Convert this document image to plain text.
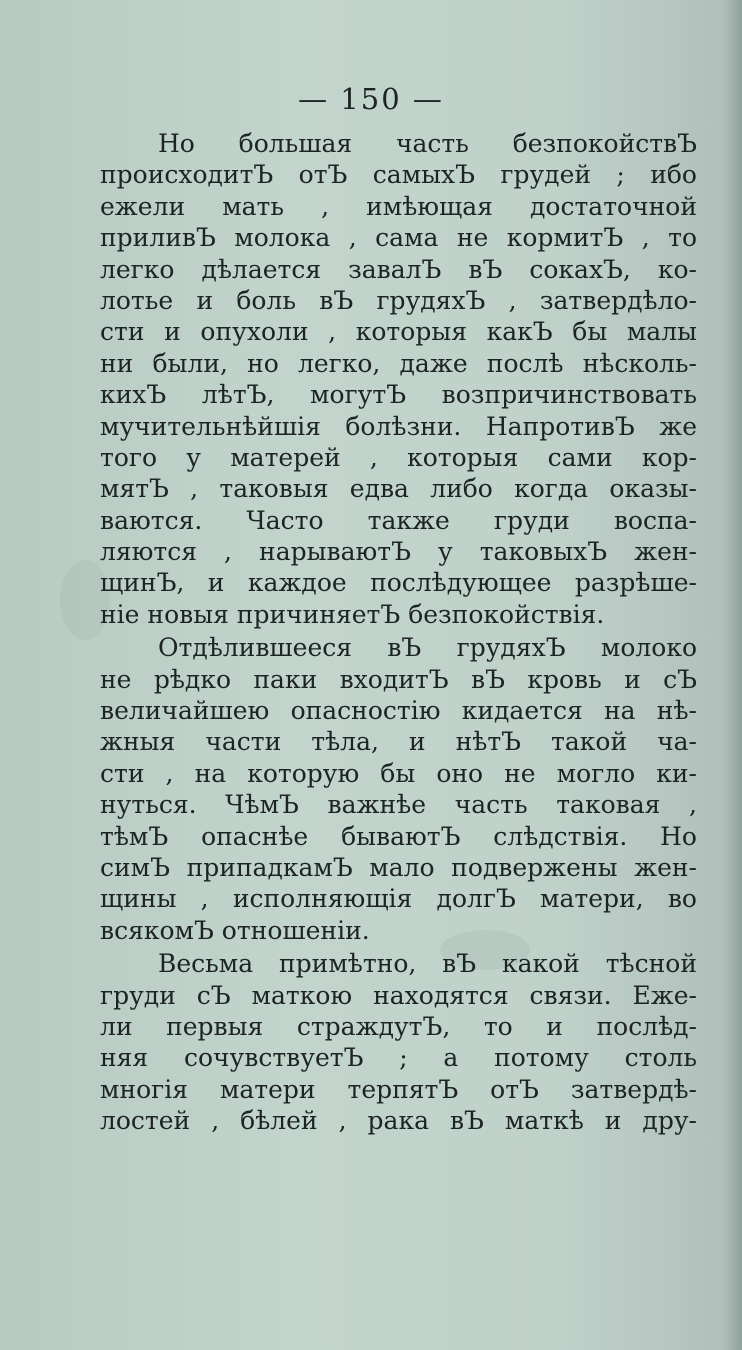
— 150 —
Но большая часть безпокойствЪ
происходитЪ отЪ самыхЪ грудей ; ибо
ежели мать , имѣющая достаточной
приливЪ молока , сама не кормитЪ , то
легко дѣлается завалЪ вЪ сокахЪ, ко-
лотье и боль вЪ грудяхЪ , затвердѣло-
сти и опухоли , которыя какЪ бы малы
ни были, но легко, даже послѣ нѣсколь-
кихЪ лѣтЪ, могутЪ возпричинствовать
мучительнѣйшія болѣзни. НапротивЪ же
того у матерей , которыя сами кор-
мятЪ , таковыя едва либо когда оказы-
ваются. Часто также груди воспа-
ляются , нарываютЪ у таковыхЪ жен-
щинЪ, и каждое послѣдующее разрѣше-
ніе новыя причиняетЪ безпокойствія.
Отдѣлившееся вЪ грудяхЪ молоко
не рѣдко паки входитЪ вЪ кровь и сЪ
величайшею опасностію кидается на нѣ-
жныя части тѣла, и нѣтЪ такой ча-
сти , на которую бы оно не могло ки-
нуться. ЧѣмЪ важнѣе часть таковая ,
тѣмЪ опаснѣе бываютЪ слѣдствія. Но
симЪ припадкамЪ мало подвержены жен-
щины , исполняющія долгЪ матери, во
всякомЪ отношеніи.
Весьма примѣтно, вЪ какой тѣсной
груди сЪ маткою находятся связи. Еже-
ли первыя страждутЪ, то и послѣд-
няя сочувствуетЪ ; а потому столь
многія матери терпятЪ отЪ затвердѣ-
лостей , бѣлей , рака вЪ маткѣ и дру-
